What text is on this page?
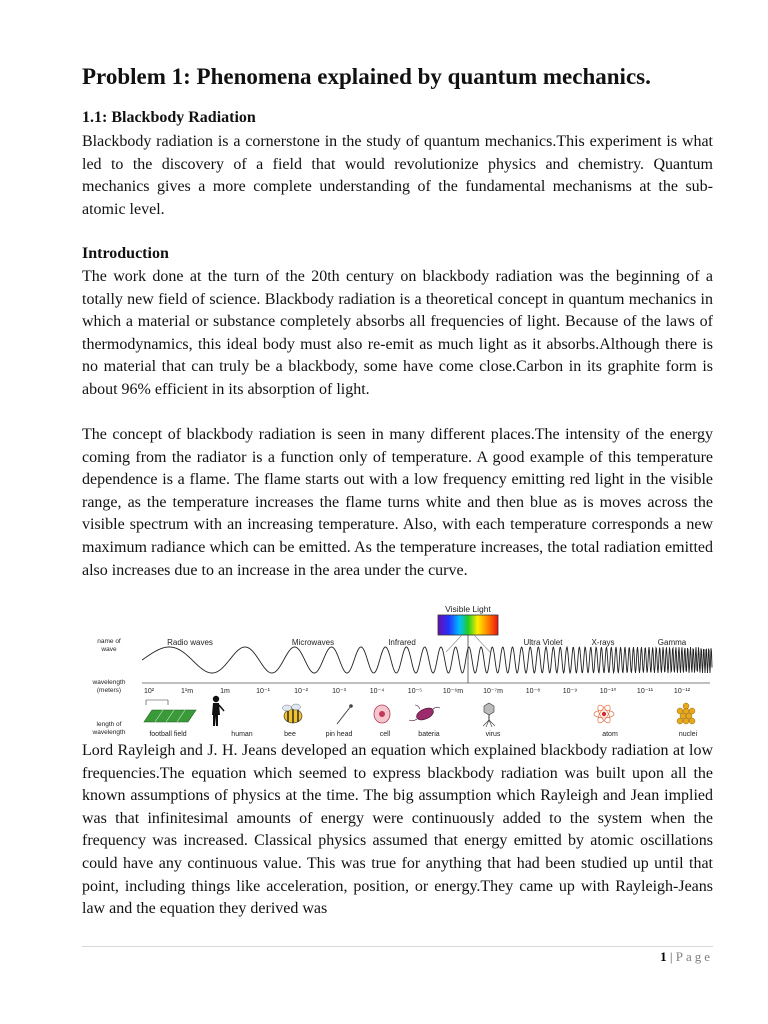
Problem 1: Phenomena explained by quantum mechanics.
1.1: Blackbody Radiation

Blackbody radiation is a cornerstone in the study of quantum mechanics.This experiment is what led to the discovery of a field that would revolutionize physics and chemistry. Quantum mechanics gives a more complete understanding of the fundamental mechanisms at the sub-atomic level.

Introduction

The work done at the turn of the 20th century on blackbody radiation was the beginning of a totally new field of science. Blackbody radiation is a theoretical concept in quantum mechanics in which a material or substance completely absorbs all frequencies of light. Because of the laws of thermodynamics, this ideal body must also re-emit as much light as it absorbs.Although there is no material that can truly be a blackbody, some have come close.Carbon in its graphite form is about 96% efficient in its absorption of light.

The concept of blackbody radiation is seen in many different places.The intensity of the energy coming from the radiator is a function only of temperature. A good example of this temperature dependence is a flame. The flame starts out with a low frequency emitting red light in the visible range, as the temperature increases the flame turns white and then blue as is moves across the visible spectrum with an increasing temperature. Also, with each temperature corresponds a new maximum radiance which can be emitted. As the temperature increases, the total radiation emitted also increases due to an increase in the area under the curve.

Visible Light
name of
wave
wavelength
(meters)
length of
wavelength
Radio waves	Microwaves	Infrared	Ultra Violet	X-rays	Gamma
10²	1¹m	1m	10⁻¹	10⁻²	10⁻³	10⁻⁴	10⁻⁵	10⁻⁶m	10⁻⁷m	10⁻⁸	10⁻⁹	10⁻¹⁰	10⁻¹¹	10⁻¹²
football field	human	bee	pin head	cell	bateria	virus	atom	nuclei

Lord Rayleigh and J. H. Jeans developed an equation which explained blackbody radiation at low frequencies.The equation which seemed to express blackbody radiation was built upon all the known assumptions of physics at the time. The big assumption which Rayleigh and Jean implied was that infinitesimal amounts of energy were continuously added to the system when the frequency was increased. Classical physics assumed that energy emitted by atomic oscillations could have any continuous value. This was true for anything that had been studied up until that point, including things like acceleration, position, or energy.They came up with Rayleigh-Jeans law and the equation they derived was

1 | Page
